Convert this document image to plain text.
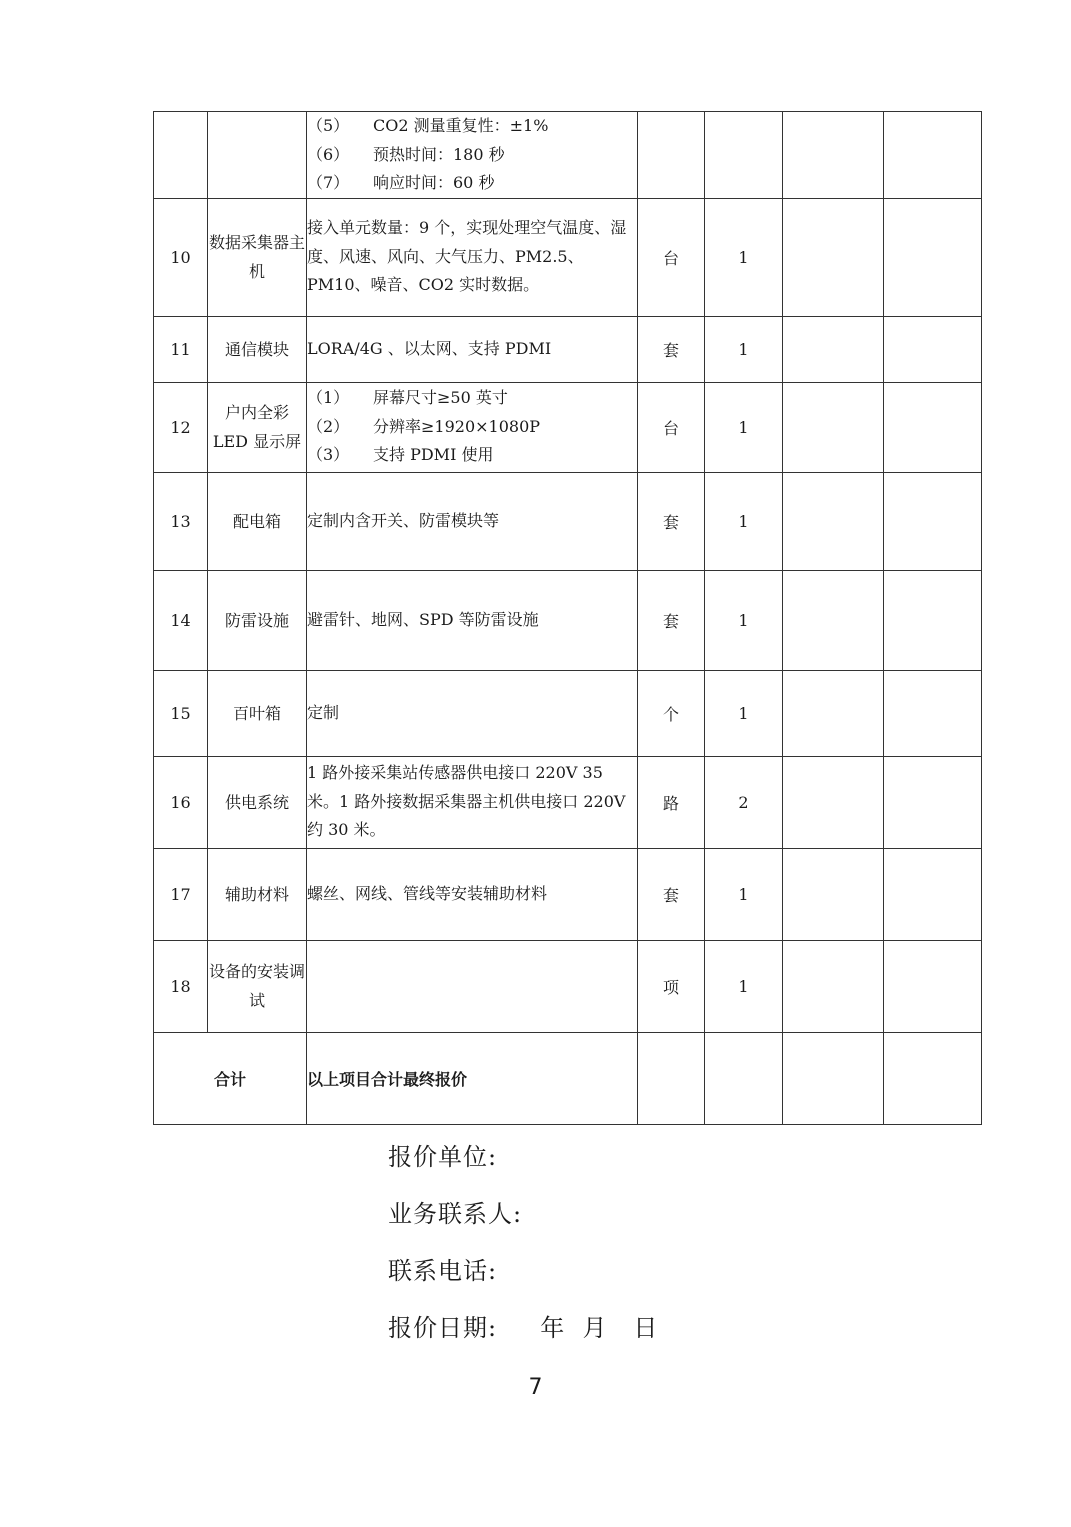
		（5） CO2 测量重复性：±1%
（6） 预热时间：180 秒
（7） 响应时间：60 秒				

10	数据采集器主机	接入单元数量：9 个，实现处理空气温度、湿度、风速、风向、大气压力、PM2.5、PM10、噪音、CO2 实时数据。	台	1		
11	通信模块	LORA/4G 、以太网、支持 PDMI	套	1		
12	户内全彩LED 显示屏	（1） 屏幕尺寸≥50 英寸
（2） 分辨率≥1920×1080P
（3） 支持 PDMI 使用	台	1		
13	配电箱	定制内含开关、防雷模块等	套	1		
14	防雷设施	避雷针、地网、SPD 等防雷设施	套	1		
15	百叶箱	定制	个	1		
16	供电系统	1 路外接采集站传感器供电接口 220V 35 米。1 路外接数据采集器主机供电接口 220V 约 30 米。	路	2		
17	辅助材料	螺丝、网线、管线等安装辅助材料	套	1		
18	设备的安装调试		项	1		
合计		以上项目合计最终报价				
报价单位:
业务联系人:
联系电话:
报价日期:     年  月   日
7
